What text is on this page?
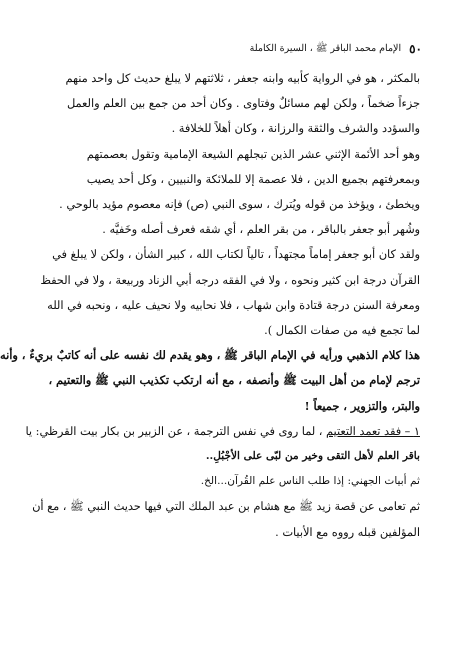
٥٠
الإمام محمد الباقر ﷺ ، السيرة الكاملة

بالمكثر ، هو في الرواية كأبيه وابنه جعفر ، ثلاثتهم لا يبلغ حديث كل واحد منهم
جزءاً ضخماً ، ولكن لهم مسائلٌ وفتاوى . وكان أحد من جمع بين العلم والعمل
والسؤدد والشرف والثقة والرزانة ، وكان أهلاً للخلافة .

وهو أحد الأئمة الإثني عشر الذين تبجلهم الشيعة الإمامية وتقول بعصمتهم
وبمعرفتهم بجميع الدين ، فلا عصمة إلا للملائكة والنبيين ، وكل أحد يصيب
ويخطئ ، ويؤخذ من قوله ويُترك ، سوى النبي (ص) فإنه معصوم مؤيد بالوحي .

وشُهر أبو جعفر بالباقر ، من بقر العلم ، أي شقه فعرف أصله وخَفيَّه .

ولقد كان أبو جعفر إماماً مجتهداً ، تالياً لكتاب الله ، كبير الشأن ، ولكن لا يبلغ في
القرآن درجة ابن كثير ونحوه ، ولا في الفقه درجه أبي الزناد وربيعة ، ولا في الحفظ
ومعرفة السنن درجة قتادة وابن شهاب ، فلا نحابيه ولا نحيف عليه ، ونحبه في الله
لما تجمع فيه من صفات الكمال ).

هذا كلام الذهبي ورأيه في الإمام الباقر ﷺ ، وهو يقدم لك نفسه على أنه كاتبٌ بريءٌ ، وأنه
ترجم لإمام من أهل البيت ﷺ وأنصفه ، مع أنه ارتكب تكذيب النبي ﷺ والتعتيم ،
والبتر، والتزوير ، جميعاً !

١ – فقد تعمد التعتيم ، لما روى في نفس الترجمة ، عن الزبير بن بكار بيت القرظي: يا
باقر العلم لأهل التقى وخير من لبّى على الأجْبُلِ..
ثم أبيات الجهني: إذا طلب الناس علم القُرآن...الخ.
ثم تعامى عن قصة زيد ﷺ مع هشام بن عبد الملك التي فيها حديث النبي ﷺ ، مع أن
المؤلفين قبله رووه مع الأبيات .
